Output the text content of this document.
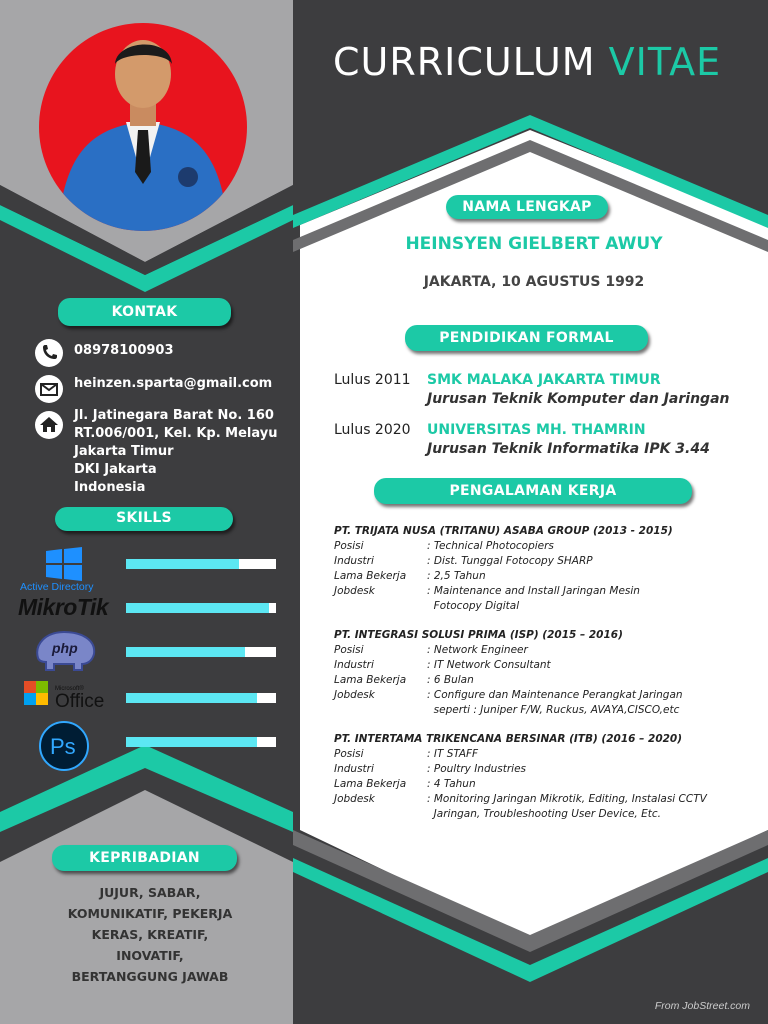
CURRICULUM VITAE
NAMA LENGKAP
HEINSYEN GIELBERT AWUY
JAKARTA, 10 AGUSTUS 1992
PENDIDIKAN FORMAL
Lulus 2011 SMK MALAKA JAKARTA TIMUR
Jurusan Teknik Komputer dan Jaringan
Lulus 2020 UNIVERSITAS MH. THAMRIN
Jurusan Teknik Informatika IPK 3.44
PENGALAMAN KERJA
PT. TRIJATA NUSA (TRITANU) ASABA GROUP (2013 - 2015)
Posisi	: Technical Photocopiers
Industri	: Dist. Tunggal Fotocopy SHARP
Lama Bekerja	: 2,5 Tahun
Jobdesk	: Maintenance and Install Jaringan Mesin
Fotocopy Digital
PT. INTEGRASI SOLUSI PRIMA (ISP) (2015 – 2016)
Posisi	: Network Engineer
Industri	: IT Network Consultant
Lama Bekerja	: 6 Bulan
Jobdesk	: Configure dan Maintenance Perangkat Jaringan
seperti : Juniper F/W, Ruckus, AVAYA,CISCO,etc
PT. INTERTAMA TRIKENCANA BERSINAR (ITB) (2016 – 2020)
Posisi	: IT STAFF
Industri	: Poultry Industries
Lama Bekerja	: 4 Tahun
Jobdesk	: Monitoring Jaringan Mikrotik, Editing, Instalasi CCTV
Jaringan, Troubleshooting User Device, Etc.
KONTAK
08978100903
heinzen.sparta@gmail.com
Jl. Jatinegara Barat No. 160
RT.006/001, Kel. Kp. Melayu
Jakarta Timur
DKI Jakarta
Indonesia
SKILLS
Active Directory
MikroTik
php
Microsoft®
Office
Ps
KEPRIBADIAN
JUJUR, SABAR,
KOMUNIKATIF, PEKERJA
KERAS, KREATIF,
INOVATIF,
BERTANGGUNG JAWAB
From JobStreet.com
